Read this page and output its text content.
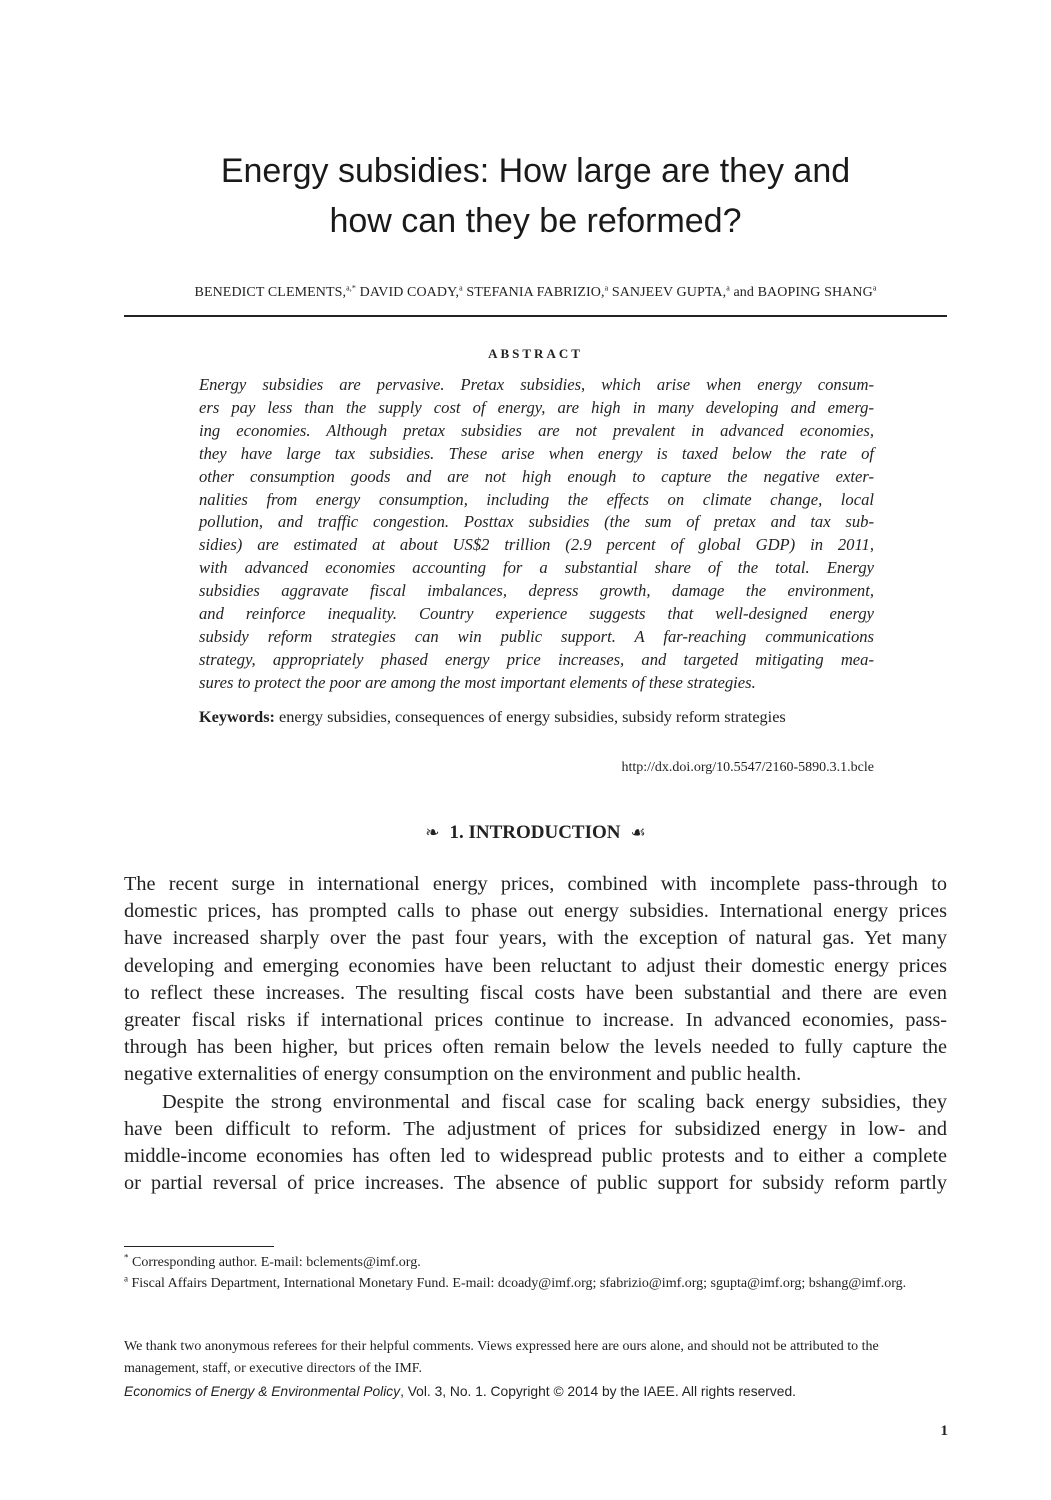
Energy subsidies: How large are they and
how can they be reformed?
BENEDICT CLEMENTS,$^{a,*}$ DAVID COADY,$^a$ STEFANIA FABRIZIO,$^a$ SANJEEV GUPTA,$^a$ and BAOPING SHANG$^a$
ABSTRACT
Energy subsidies are pervasive. Pretax subsidies, which arise when energy consum-
ers pay less than the supply cost of energy, are high in many developing and emerg-
ing economies. Although pretax subsidies are not prevalent in advanced economies,
they have large tax subsidies. These arise when energy is taxed below the rate of
other consumption goods and are not high enough to capture the negative exter-
nalities from energy consumption, including the effects on climate change, local
pollution, and traffic congestion. Posttax subsidies (the sum of pretax and tax sub-
sidies) are estimated at about US$2 trillion (2.9 percent of global GDP) in 2011,
with advanced economies accounting for a substantial share of the total. Energy
subsidies aggravate fiscal imbalances, depress growth, damage the environment,
and reinforce inequality. Country experience suggests that well-designed energy
subsidy reform strategies can win public support. A far-reaching communications
strategy, appropriately phased energy price increases, and targeted mitigating mea-
sures to protect the poor are among the most important elements of these strategies.
Keywords: energy subsidies, consequences of energy subsidies, subsidy reform strategies
http://dx.doi.org/10.5547/2160-5890.3.1.bcle
❧ 1. INTRODUCTION ☙
The recent surge in international energy prices, combined with incomplete pass-through to
domestic prices, has prompted calls to phase out energy subsidies. International energy prices
have increased sharply over the past four years, with the exception of natural gas. Yet many
developing and emerging economies have been reluctant to adjust their domestic energy prices
to reflect these increases. The resulting fiscal costs have been substantial and there are even
greater fiscal risks if international prices continue to increase. In advanced economies, pass-
through has been higher, but prices often remain below the levels needed to fully capture the
negative externalities of energy consumption on the environment and public health.
Despite the strong environmental and fiscal case for scaling back energy subsidies, they
have been difficult to reform. The adjustment of prices for subsidized energy in low- and
middle-income economies has often led to widespread public protests and to either a complete
or partial reversal of price increases. The absence of public support for subsidy reform partly

* Corresponding author. E-mail: bclements@imf.org.

$^a$ Fiscal Affairs Department, International Monetary Fund. E-mail: dcoady@imf.org; sfabrizio@imf.org; sgupta@imf.org; bshang@imf.org.

We thank two anonymous referees for their helpful comments. Views expressed here are ours alone, and should not be attributed to the management, staff, or executive directors of the IMF.
Economics of Energy & Environmental Policy, Vol. 3, No. 1. Copyright © 2014 by the IAEE. All rights reserved.
1
